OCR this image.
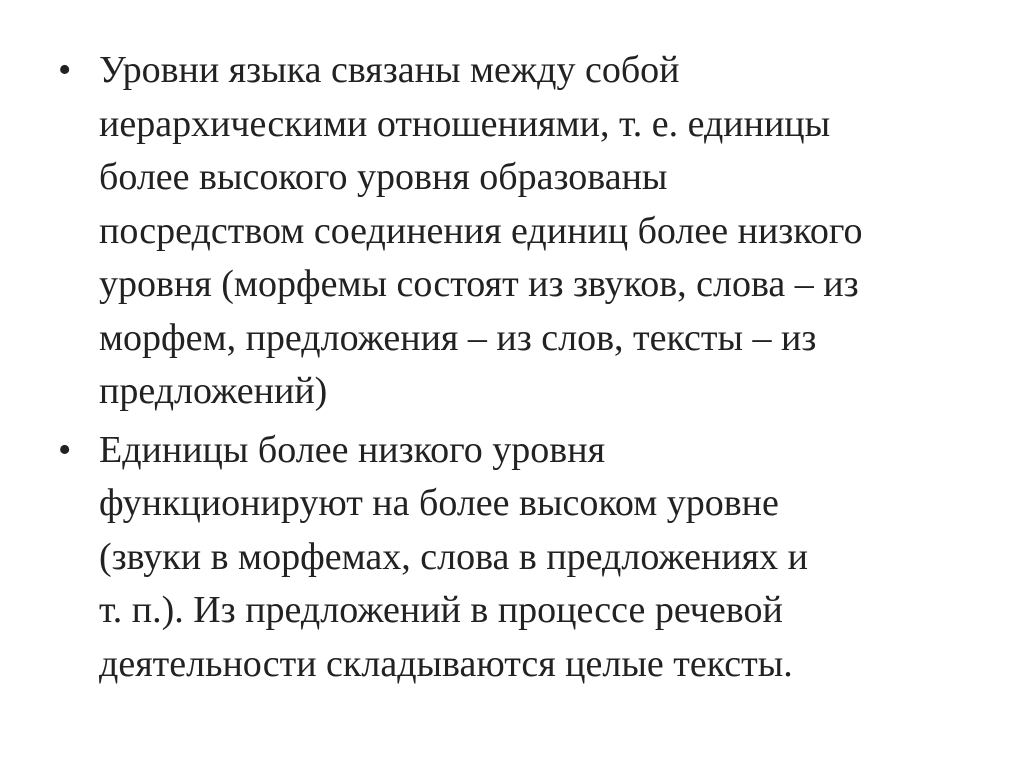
• Уровни языка связаны между собой
иерархическими отношениями, т. е. единицы
более высокого уровня образованы
посредством соединения единиц более низкого
уровня (морфемы состоят из звуков, слова – из
морфем, предложения – из слов, тексты – из
предложений)
• Единицы более низкого уровня
функционируют на более высоком уровне
(звуки в морфемах, слова в предложениях и
т. п.). Из предложений в процессе речевой
деятельности складываются целые тексты.
